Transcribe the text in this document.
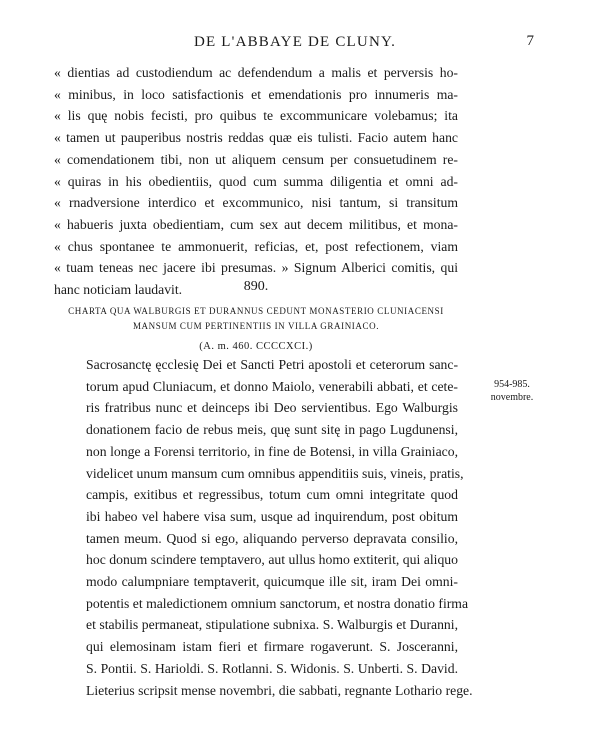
DE L'ABBAYE DE CLUNY.	7
« dientias ad custodiendum ac defendendum a malis et perversis ho-
« minibus, in loco satisfactionis et emendationis pro innumeris ma-
« lis quę nobis fecisti, pro quibus te excommunicare volebamus; ita
« tamen ut pauperibus nostris reddas quæ eis tulisti. Facio autem hanc
« comendationem tibi, non ut aliquem censum per consuetudinem re-
« quiras in his obedientiis, quod cum summa diligentia et omni ad-
« rnadversione interdico et excommunico, nisi tantum, si transitum
« habueris juxta obedientiam, cum sex aut decem militibus, et mona-
« chus spontanee te ammonuerit, reficias, et, post refectionem, viam
« tuam teneas nec jacere ibi presumas. » Signum Alberici comitis, qui
hanc noticiam laudavit.	890.
CHARTA QUA WALBURGIS ET DURANNUS CEDUNT MONASTERIO CLUNIACENSI
MANSUM CUM PERTINENTIIS IN VILLA GRAINIACO.
(A. m. 460. CCCCXCI.)
954-985.
novembre.
Sacrosanctę ęcclesię Dei et Sancti Petri apostoli et ceterorum sanc-
torum apud Cluniacum, et donno Maiolo, venerabili abbati, et cete-
ris fratribus nunc et deinceps ibi Deo servientibus. Ego Walburgis
donationem facio de rebus meis, quę sunt sitę in pago Lugdunensi,
non longe a Forensi territorio, in fine de Botensi, in villa Grainiaco,
videlicet unum mansum cum omnibus appenditiis suis, vineis, pratis,
campis, exitibus et regressibus, totum cum omni integritate quod
ibi habeo vel habere visa sum, usque ad inquirendum, post obitum
tamen meum. Quod si ego, aliquando perverso depravata consilio,
hoc donum scindere temptavero, aut ullus homo extiterit, qui aliquo
modo calumpniare temptaverit, quicumque ille sit, iram Dei omni-
potentis et maledictionem omnium sanctorum, et nostra donatio firma
et stabilis permaneat, stipulatione subnixa. S. Walburgis et Duranni,
qui elemosinam istam fieri et firmare rogaverunt. S. Josceranni,
S. Pontii. S. Harioldi. S. Rotlanni. S. Widonis. S. Unberti. S. David.
Lieterius scripsit mense novembri, die sabbati, regnante Lothario rege.
